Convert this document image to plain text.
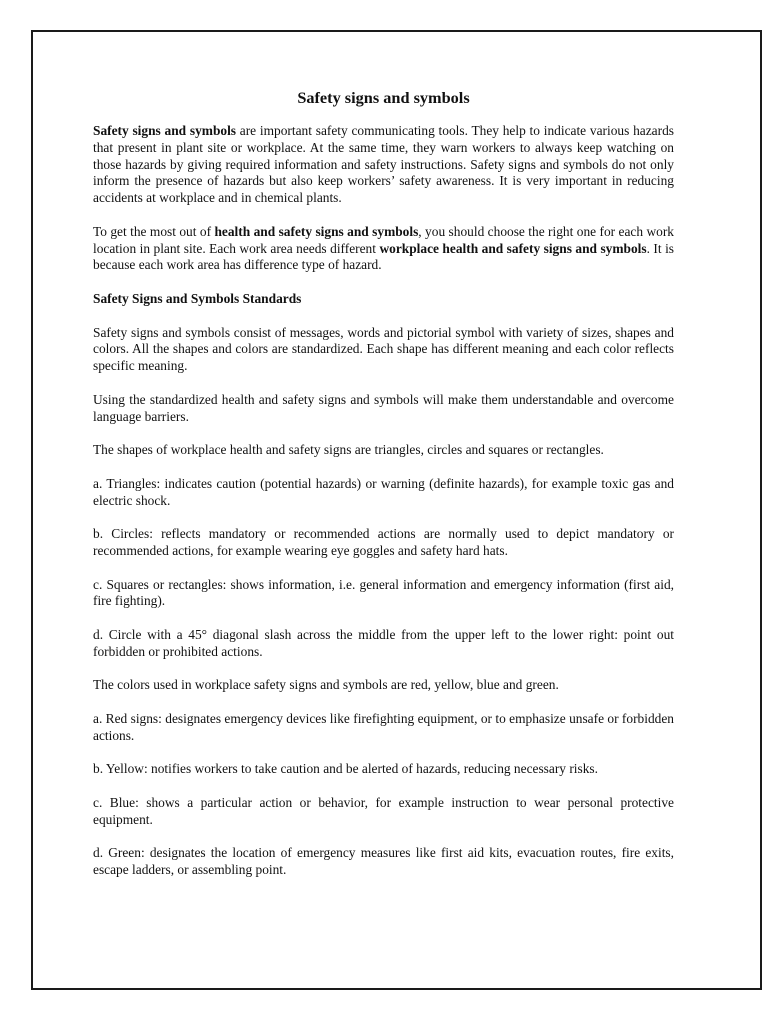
Safety signs and symbols

Safety signs and symbols are important safety communicating tools. They help to indicate various hazards that present in plant site or workplace. At the same time, they warn workers to always keep watching on those hazards by giving required information and safety instructions. Safety signs and symbols do not only inform the presence of hazards but also keep workers’ safety awareness. It is very important in reducing accidents at workplace and in chemical plants.

To get the most out of health and safety signs and symbols, you should choose the right one for each work location in plant site. Each work area needs different workplace health and safety signs and symbols. It is because each work area has difference type of hazard.

Safety Signs and Symbols Standards

Safety signs and symbols consist of messages, words and pictorial symbol with variety of sizes, shapes and colors. All the shapes and colors are standardized. Each shape has different meaning and each color reflects specific meaning.

Using the standardized health and safety signs and symbols will make them understandable and overcome language barriers.

The shapes of workplace health and safety signs are triangles, circles and squares or rectangles.

a. Triangles: indicates caution (potential hazards) or warning (definite hazards), for example toxic gas and electric shock.

b. Circles: reflects mandatory or recommended actions are normally used to depict mandatory or recommended actions, for example wearing eye goggles and safety hard hats.

c. Squares or rectangles: shows information, i.e. general information and emergency information (first aid, fire fighting).

d. Circle with a 45° diagonal slash across the middle from the upper left to the lower right: point out forbidden or prohibited actions.

The colors used in workplace safety signs and symbols are red, yellow, blue and green.

a. Red signs: designates emergency devices like firefighting equipment, or to emphasize unsafe or forbidden actions.

b. Yellow: notifies workers to take caution and be alerted of hazards, reducing necessary risks.

c. Blue: shows a particular action or behavior, for example instruction to wear personal protective equipment.

d. Green: designates the location of emergency measures like first aid kits, evacuation routes, fire exits, escape ladders, or assembling point.
